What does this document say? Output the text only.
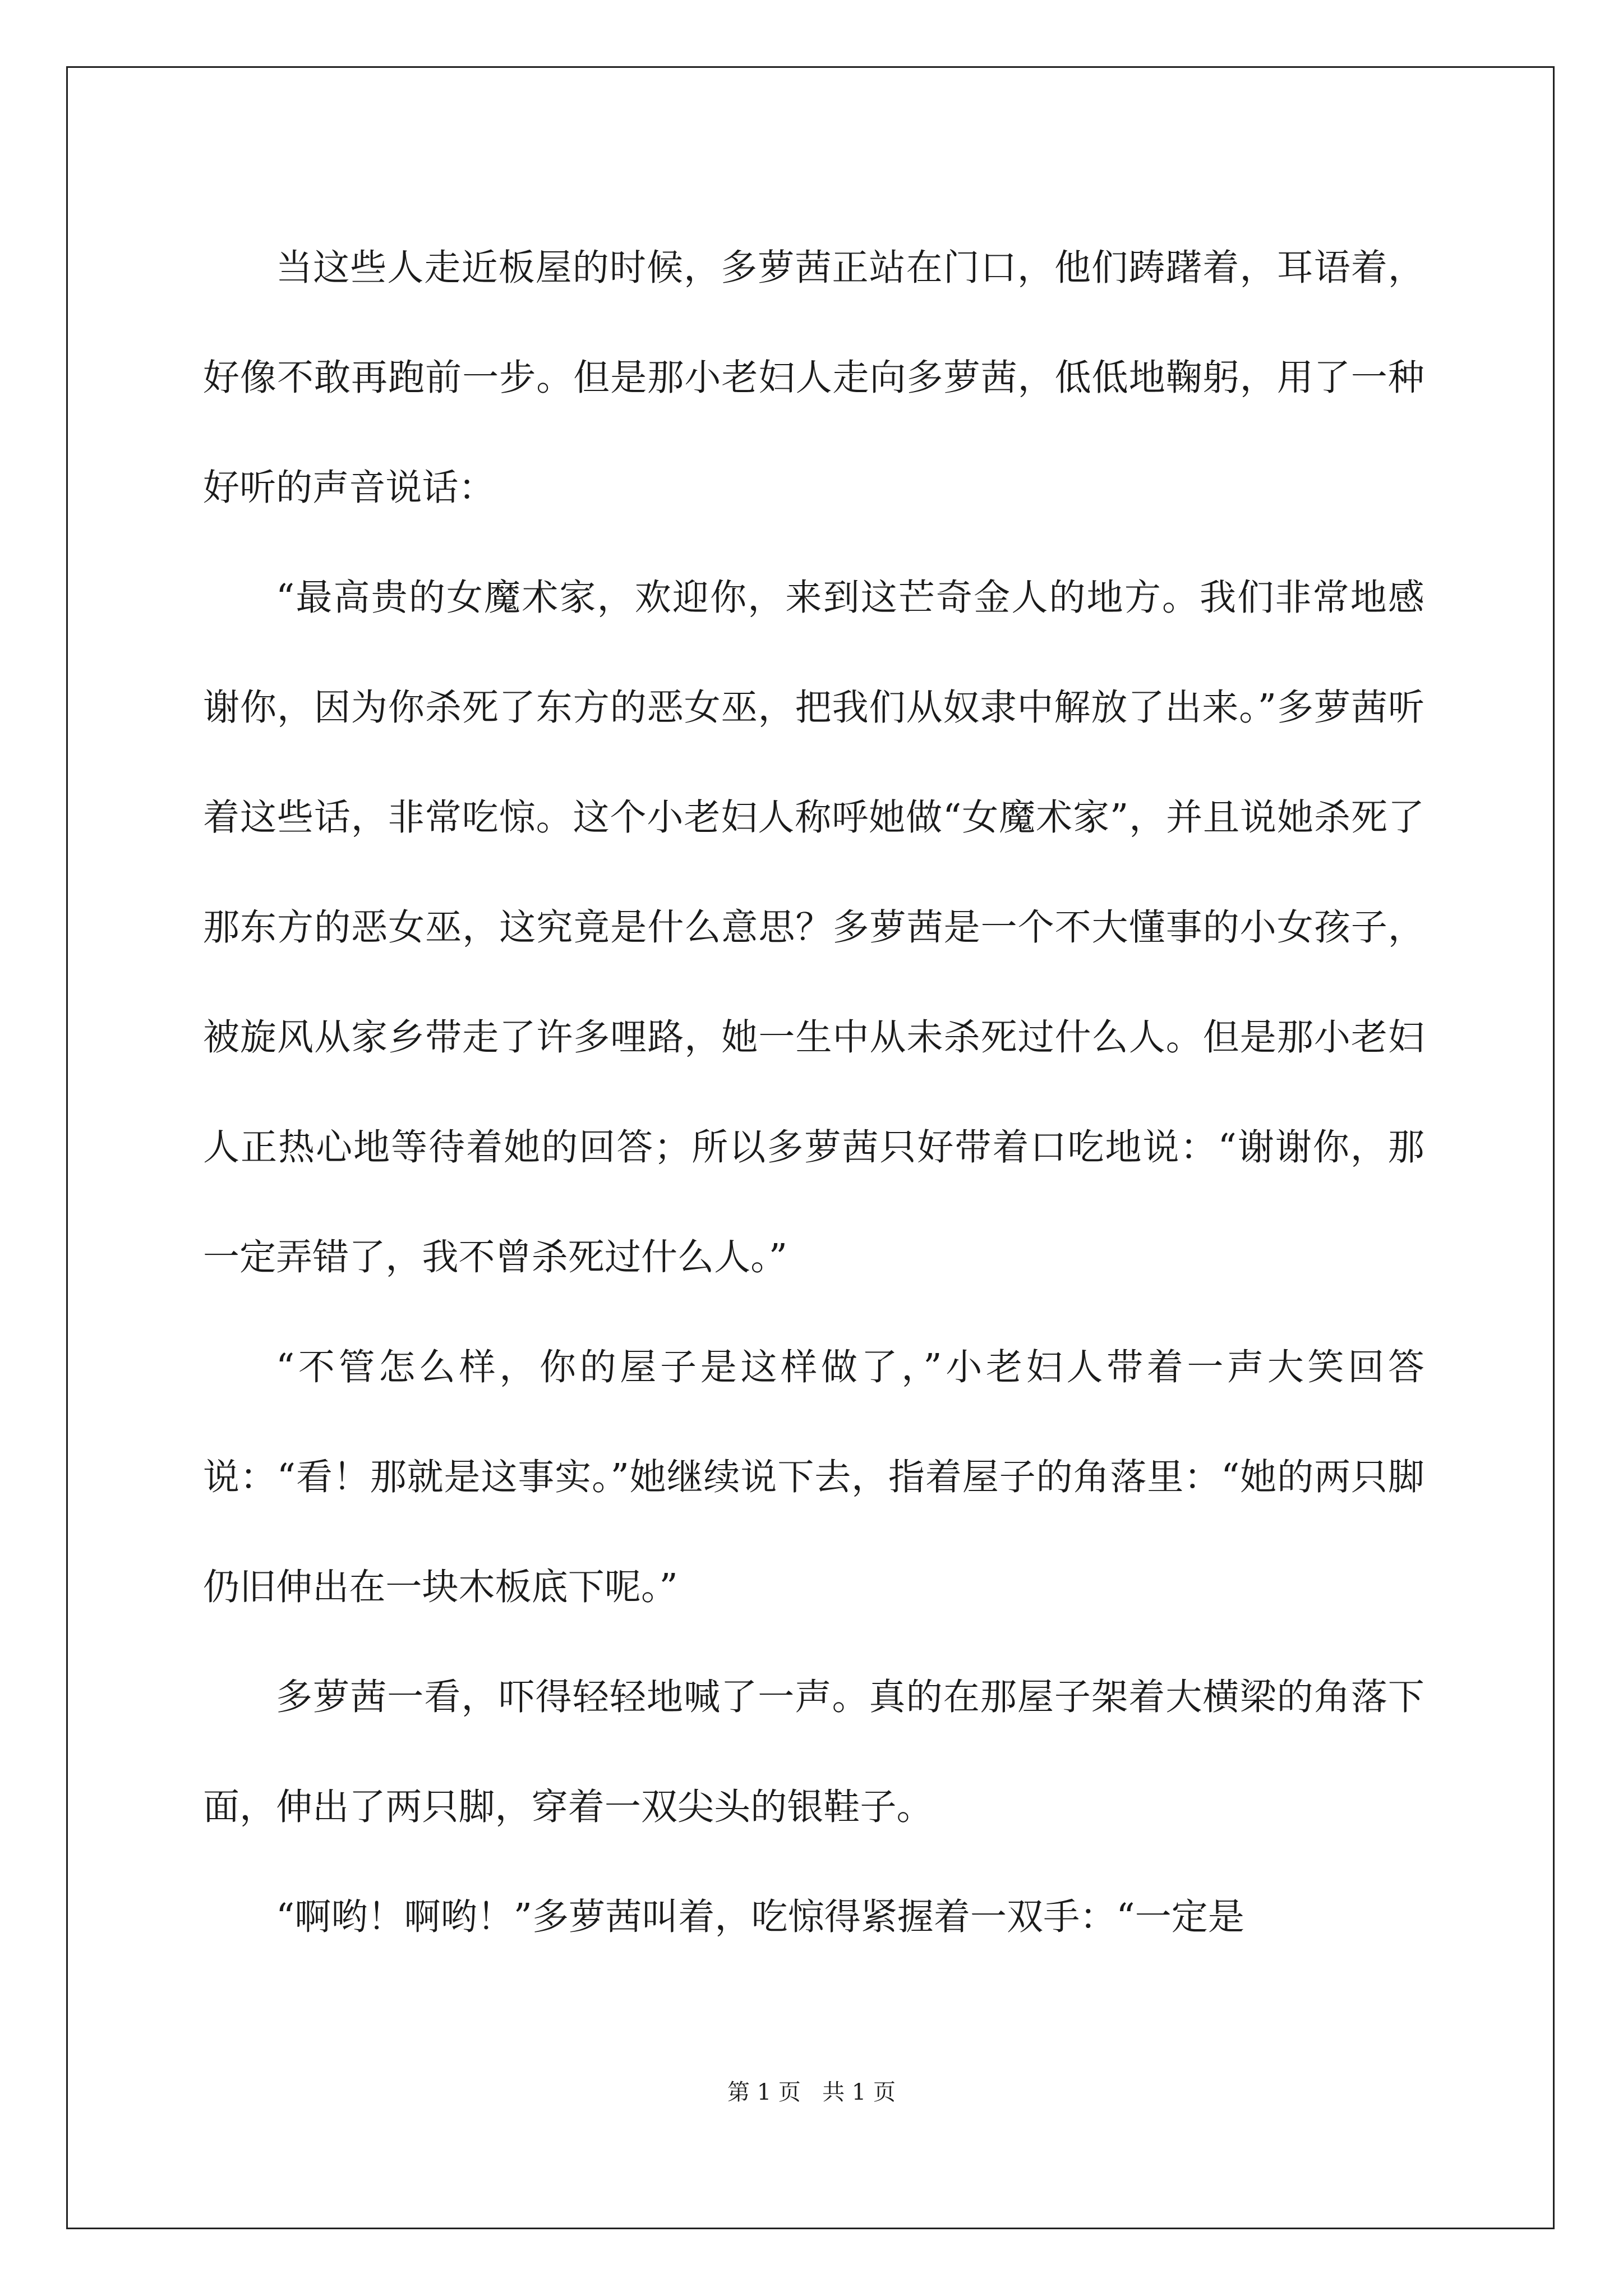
当这些人走近板屋的时候，多萝茜正站在门口，他们踌躇着，耳语着，好像不敢再跑前一步。但是那小老妇人走向多萝茜，低低地鞠躬，用了一种好听的声音说话：

“最高贵的女魔术家，欢迎你，来到这芒奇金人的地方。我们非常地感谢你，因为你杀死了东方的恶女巫，把我们从奴隶中解放了出来。”多萝茜听着这些话，非常吃惊。这个小老妇人称呼她做“女魔术家”，并且说她杀死了那东方的恶女巫，这究竟是什么意思？多萝茜是一个不大懂事的小女孩子，被旋风从家乡带走了许多哩路，她一生中从未杀死过什么人。但是那小老妇人正热心地等待着她的回答；所以多萝茜只好带着口吃地说：“谢谢你，那一定弄错了，我不曾杀死过什么人。”

“不管怎么样，你的屋子是这样做了，”小老妇人带着一声大笑回答说：“看！那就是这事实。”她继续说下去，指着屋子的角落里：“她的两只脚仍旧伸出在一块木板底下呢。”

多萝茜一看，吓得轻轻地喊了一声。真的在那屋子架着大横梁的角落下面，伸出了两只脚，穿着一双尖头的银鞋子。

“啊哟！啊哟！”多萝茜叫着，吃惊得紧握着一双手：“一定是

第 1 页   共 1 页
